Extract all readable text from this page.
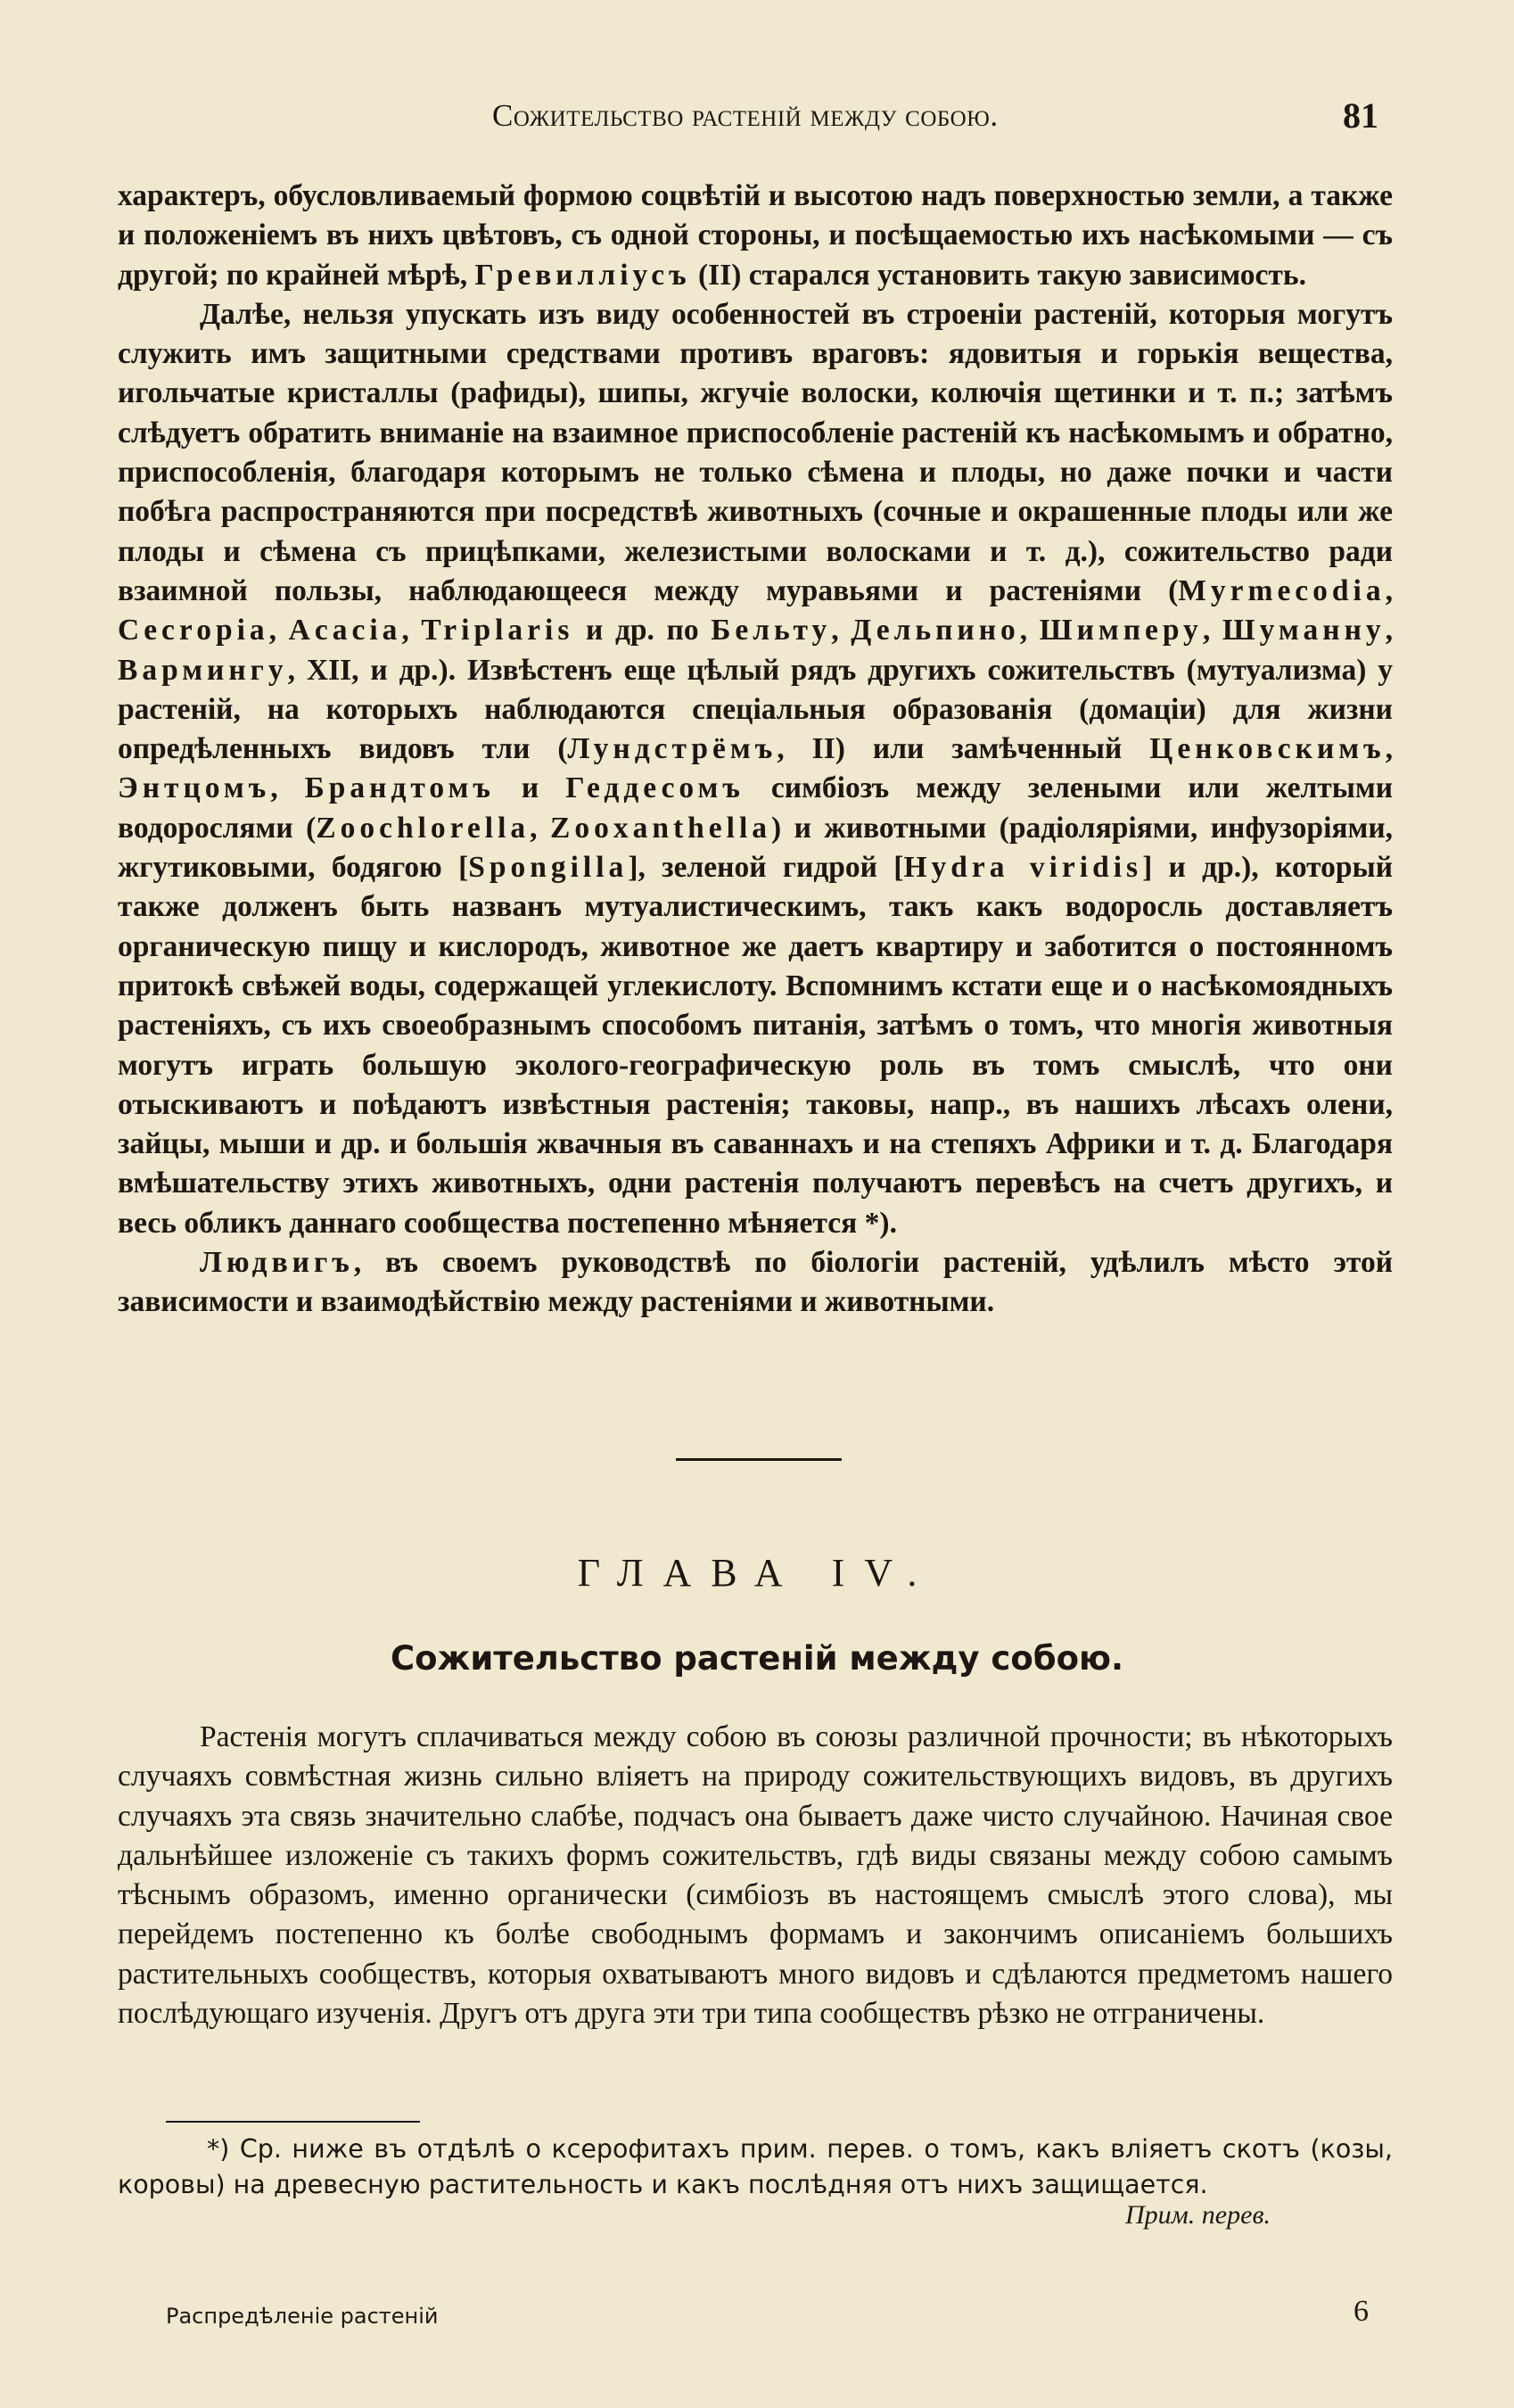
Сожительство растеній между собою.	81

характеръ, обусловливаемый формою соцвѣтій и высотою надъ поверхностью земли, а также и положеніемъ въ нихъ цвѣтовъ, съ одной стороны, и посѣщаемостью ихъ насѣкомыми — съ другой; по крайней мѣрѣ, Гревиллiусъ (II) старался установить такую зависимость.

Далѣе, нельзя упускать изъ виду особенностей въ строеніи растеній, которыя могутъ служить имъ защитными средствами противъ враговъ: ядовитыя и горькія вещества, игольчатые кристаллы (рафиды), шипы, жгучіе волоски, колючія щетинки и т. п.; затѣмъ слѣдуетъ обратить вниманіе на взаимное приспособленіе растеній къ насѣкомымъ и обратно, приспособленія, благодаря которымъ не только сѣмена и плоды, но даже почки и части побѣга распространяются при посредствѣ животныхъ (сочные и окрашенные плоды или же плоды и сѣмена съ прицѣпками, железистыми волосками и т. д.), сожительство ради взаимной пользы, наблюдающееся между муравьями и растеніями (Myrmecodia, Cecropia, Acacia, Triplaris и др. по Бельту, Дельпино, Шимперу, Шуманну, Вармингу, XII, и др.). Извѣстенъ еще цѣлый рядъ другихъ сожительствъ (мутуализма) у растеній, на которыхъ наблюдаются спеціальныя образованія (домаціи) для жизни опредѣленныхъ видовъ тли (Лундстрёмъ, II) или замѣченный Ценковскимъ, Энтцомъ, Брандтомъ и Геддесомъ симбіозъ между зелеными или желтыми водорослями (Zoochlorella, Zooxanthella) и животными (радіоляріями, инфузоріями, жгутиковыми, бодягою [Spongilla], зеленой гидрой [Hydra viridis] и др.), который также долженъ быть названъ мутуалистическимъ, такъ какъ водоросль доставляетъ органическую пищу и кислородъ, животное же даетъ квартиру и заботится о постоянномъ притокѣ свѣжей воды, содержащей углекислоту. Вспомнимъ кстати еще и о насѣкомоядныхъ растеніяхъ, съ ихъ своеобразнымъ способомъ питанія, затѣмъ о томъ, что многія животныя могутъ играть большую эколого-географическую роль въ томъ смыслѣ, что они отыскиваютъ и поѣдаютъ извѣстныя растенія; таковы, напр., въ нашихъ лѣсахъ олени, зайцы, мыши и др. и большія жвачныя въ саваннахъ и на степяхъ Африки и т. д. Благодаря вмѣшательству этихъ животныхъ, одни растенія получаютъ перевѣсъ на счетъ другихъ, и весь обликъ даннаго сообщества постепенно мѣняется *).

Людвигъ, въ своемъ руководствѣ по біологіи растеній, удѣлилъ мѣсто этой зависимости и взаимодѣйствію между растеніями и животными.

ГЛАВА IV.
Сожительство растеній между собою.

Растенія могутъ сплачиваться между собою въ союзы различной прочности; въ нѣкоторыхъ случаяхъ совмѣстная жизнь сильно вліяетъ на природу сожительствующихъ видовъ, въ другихъ случаяхъ эта связь значительно слабѣе, подчасъ она бываетъ даже чисто случайною. Начиная свое дальнѣйшее изложеніе съ такихъ формъ сожительствъ, гдѣ виды связаны между собою самымъ тѣснымъ образомъ, именно органически (симбіозъ въ настоящемъ смыслѣ этого слова), мы перейдемъ постепенно къ болѣе свободнымъ формамъ и закончимъ описаніемъ большихъ растительныхъ сообществъ, которыя охватываютъ много видовъ и сдѣлаются предметомъ нашего послѣдующаго изученія. Другъ отъ друга эти три типа сообществъ рѣзко не отграничены.

*) Ср. ниже въ отдѣлѣ о ксерофитахъ прим. перев. о томъ, какъ вліяетъ скотъ (козы, коровы) на древесную растительность и какъ послѣдняя отъ нихъ защищается.

Прим. перев.
Распредѣленіе растеній	6
